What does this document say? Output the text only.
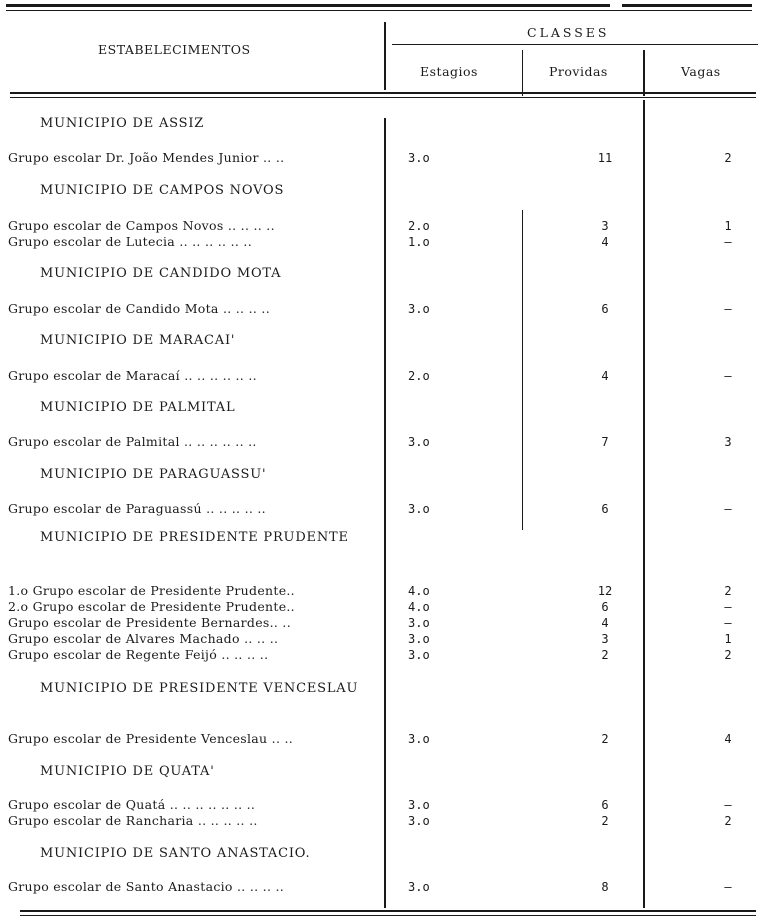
ESTABELECIMENTOS
CLASSES
Estagios	Providas	Vagas
MUNICIPIO DE ASSIZ
Grupo escolar Dr. João Mendes Junior .. ..	3.o	11	2
MUNICIPIO DE CAMPOS NOVOS
Grupo escolar de Campos Novos .. .. .. ..	2.o	3	1
Grupo escolar de Lutecia .. .. .. .. .. ..	1.o	4	—
MUNICIPIO DE CANDIDO MOTA
Grupo escolar de Candido Mota .. .. .. ..	3.o	6	—
MUNICIPIO DE MARACAI'
Grupo escolar de Maracaí .. .. .. .. .. ..	2.o	4	—
MUNICIPIO DE PALMITAL
Grupo escolar de Palmital .. .. .. .. .. ..	3.o	7	3
MUNICIPIO DE PARAGUASSU'
Grupo escolar de Paraguassú .. .. .. .. ..	3.o	6	—
MUNICIPIO DE PRESIDENTE PRUDENTE
1.o Grupo escolar de Presidente Prudente..	4.o	12	2
2.o Grupo escolar de Presidente Prudente..	4.o	6	—
Grupo escolar de Presidente Bernardes.. ..	3.o	4	—
Grupo escolar de Alvares Machado .. .. ..	3.o	3	1
Grupo escolar de Regente Feijó .. .. .. ..	3.o	2	2
MUNICIPIO DE PRESIDENTE VENCESLAU
Grupo escolar de Presidente Venceslau .. ..	3.o	2	4
MUNICIPIO DE QUATA'
Grupo escolar de Quatá .. .. .. .. .. .. ..	3.o	6	—
Grupo escolar de Rancharia .. .. .. .. ..	3.o	2	2
MUNICIPIO DE SANTO ANASTACIO.
Grupo escolar de Santo Anastacio .. .. .. ..	3.o	8	—
